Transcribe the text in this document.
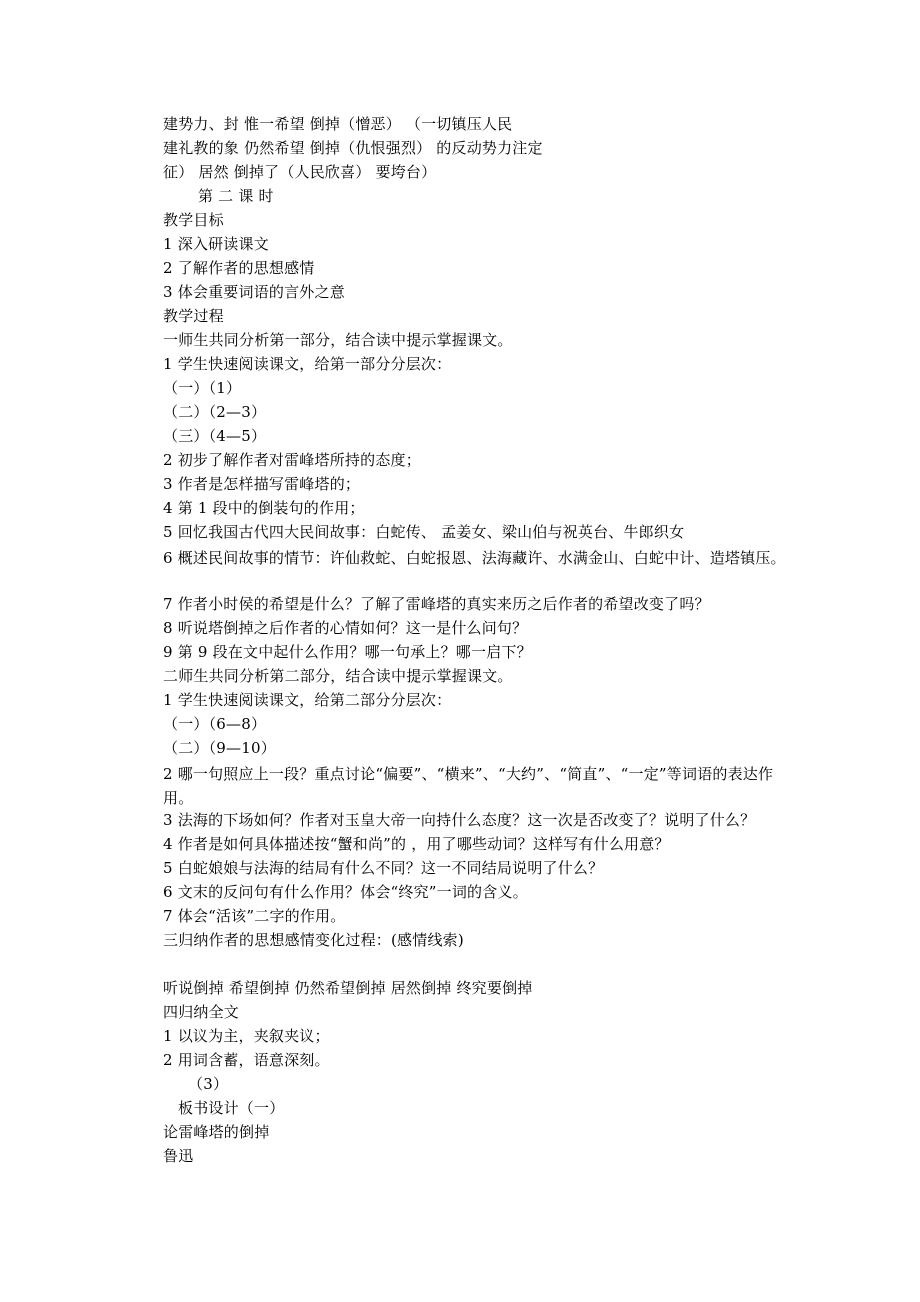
建势力、封 惟一希望 倒掉（憎恶） （一切镇压人民
建礼教的象 仍然希望 倒掉（仇恨强烈） 的反动势力注定
征） 居然 倒掉了（人民欣喜） 要垮台）
第 二 课 时
教学目标
1 深入研读课文
2 了解作者的思想感情
3 体会重要词语的言外之意
教学过程
一师生共同分析第一部分，结合读中提示掌握课文。
1 学生快速阅读课文，给第一部分分层次：
（一）（1）
（二）（2—3）
（三）（4—5）
2 初步了解作者对雷峰塔所持的态度；
3 作者是怎样描写雷峰塔的；
4 第 1 段中的倒装句的作用；
5 回忆我国古代四大民间故事：白蛇传、 孟姜女、梁山伯与祝英台、牛郎织女
6 概述民间故事的情节：许仙救蛇、白蛇报恩、法海藏许、水满金山、白蛇中计、造塔镇压。
7 作者小时侯的希望是什么？了解了雷峰塔的真实来历之后作者的希望改变了吗？
8 听说塔倒掉之后作者的心情如何？这一是什么问句？
9 第 9 段在文中起什么作用？哪一句承上？哪一启下？
二师生共同分析第二部分，结合读中提示掌握课文。
1 学生快速阅读课文，给第二部分分层次：
（一）（6—8）
（二）（9—10）
2 哪一句照应上一段？重点讨论“偏要”、“横来”、“大约”、“简直”、“一定”等词语的表达作用。
3 法海的下场如何？作者对玉皇大帝一向持什么态度？这一次是否改变了？说明了什么？
4 作者是如何具体描述按“蟹和尚”的 ，用了哪些动词？这样写有什么用意？
5 白蛇娘娘与法海的结局有什么不同？这一不同结局说明了什么？
6 文末的反问句有什么作用？体会“终究”一词的含义。
7 体会“活该”二字的作用。
三归纳作者的思想感情变化过程：(感情线索)
听说倒掉 希望倒掉 仍然希望倒掉 居然倒掉 终究要倒掉
四归纳全文
1 以议为主，夹叙夹议；
2 用词含蓄，语意深刻。
（3）
板书设计（一）
论雷峰塔的倒掉
鲁迅
